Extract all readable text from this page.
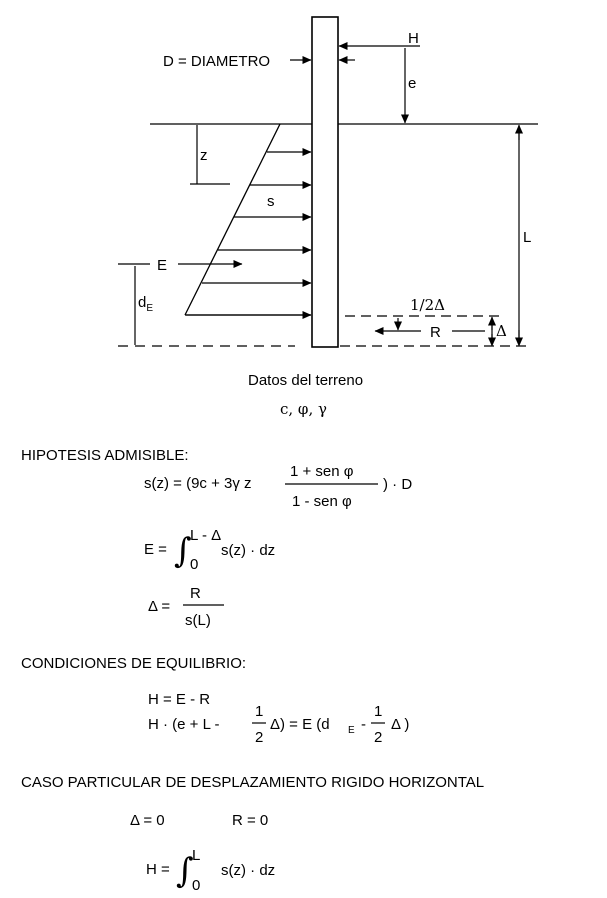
D = DIAMETRO
H
e
z
s
E
$d_E$
L
1/2Δ
R	Δ
Datos del terreno
c, φ, γ
HIPOTESIS ADMISIBLE:
s(z) = (9c + 3γ z
1 + sen φ
1 - sen φ
) · D
E = ∫
L - Δ
0
s(z) · dz
Δ =
R
s(L)
CONDICIONES DE EQUILIBRIO:
H = E - R
H · (e + L -
1
2
Δ) = E (d E -
1
2
Δ )
CASO PARTICULAR DE DESPLAZAMIENTO RIGIDO HORIZONTAL
Δ = 0	R = 0
H = ∫
L
0
s(z) · dz
